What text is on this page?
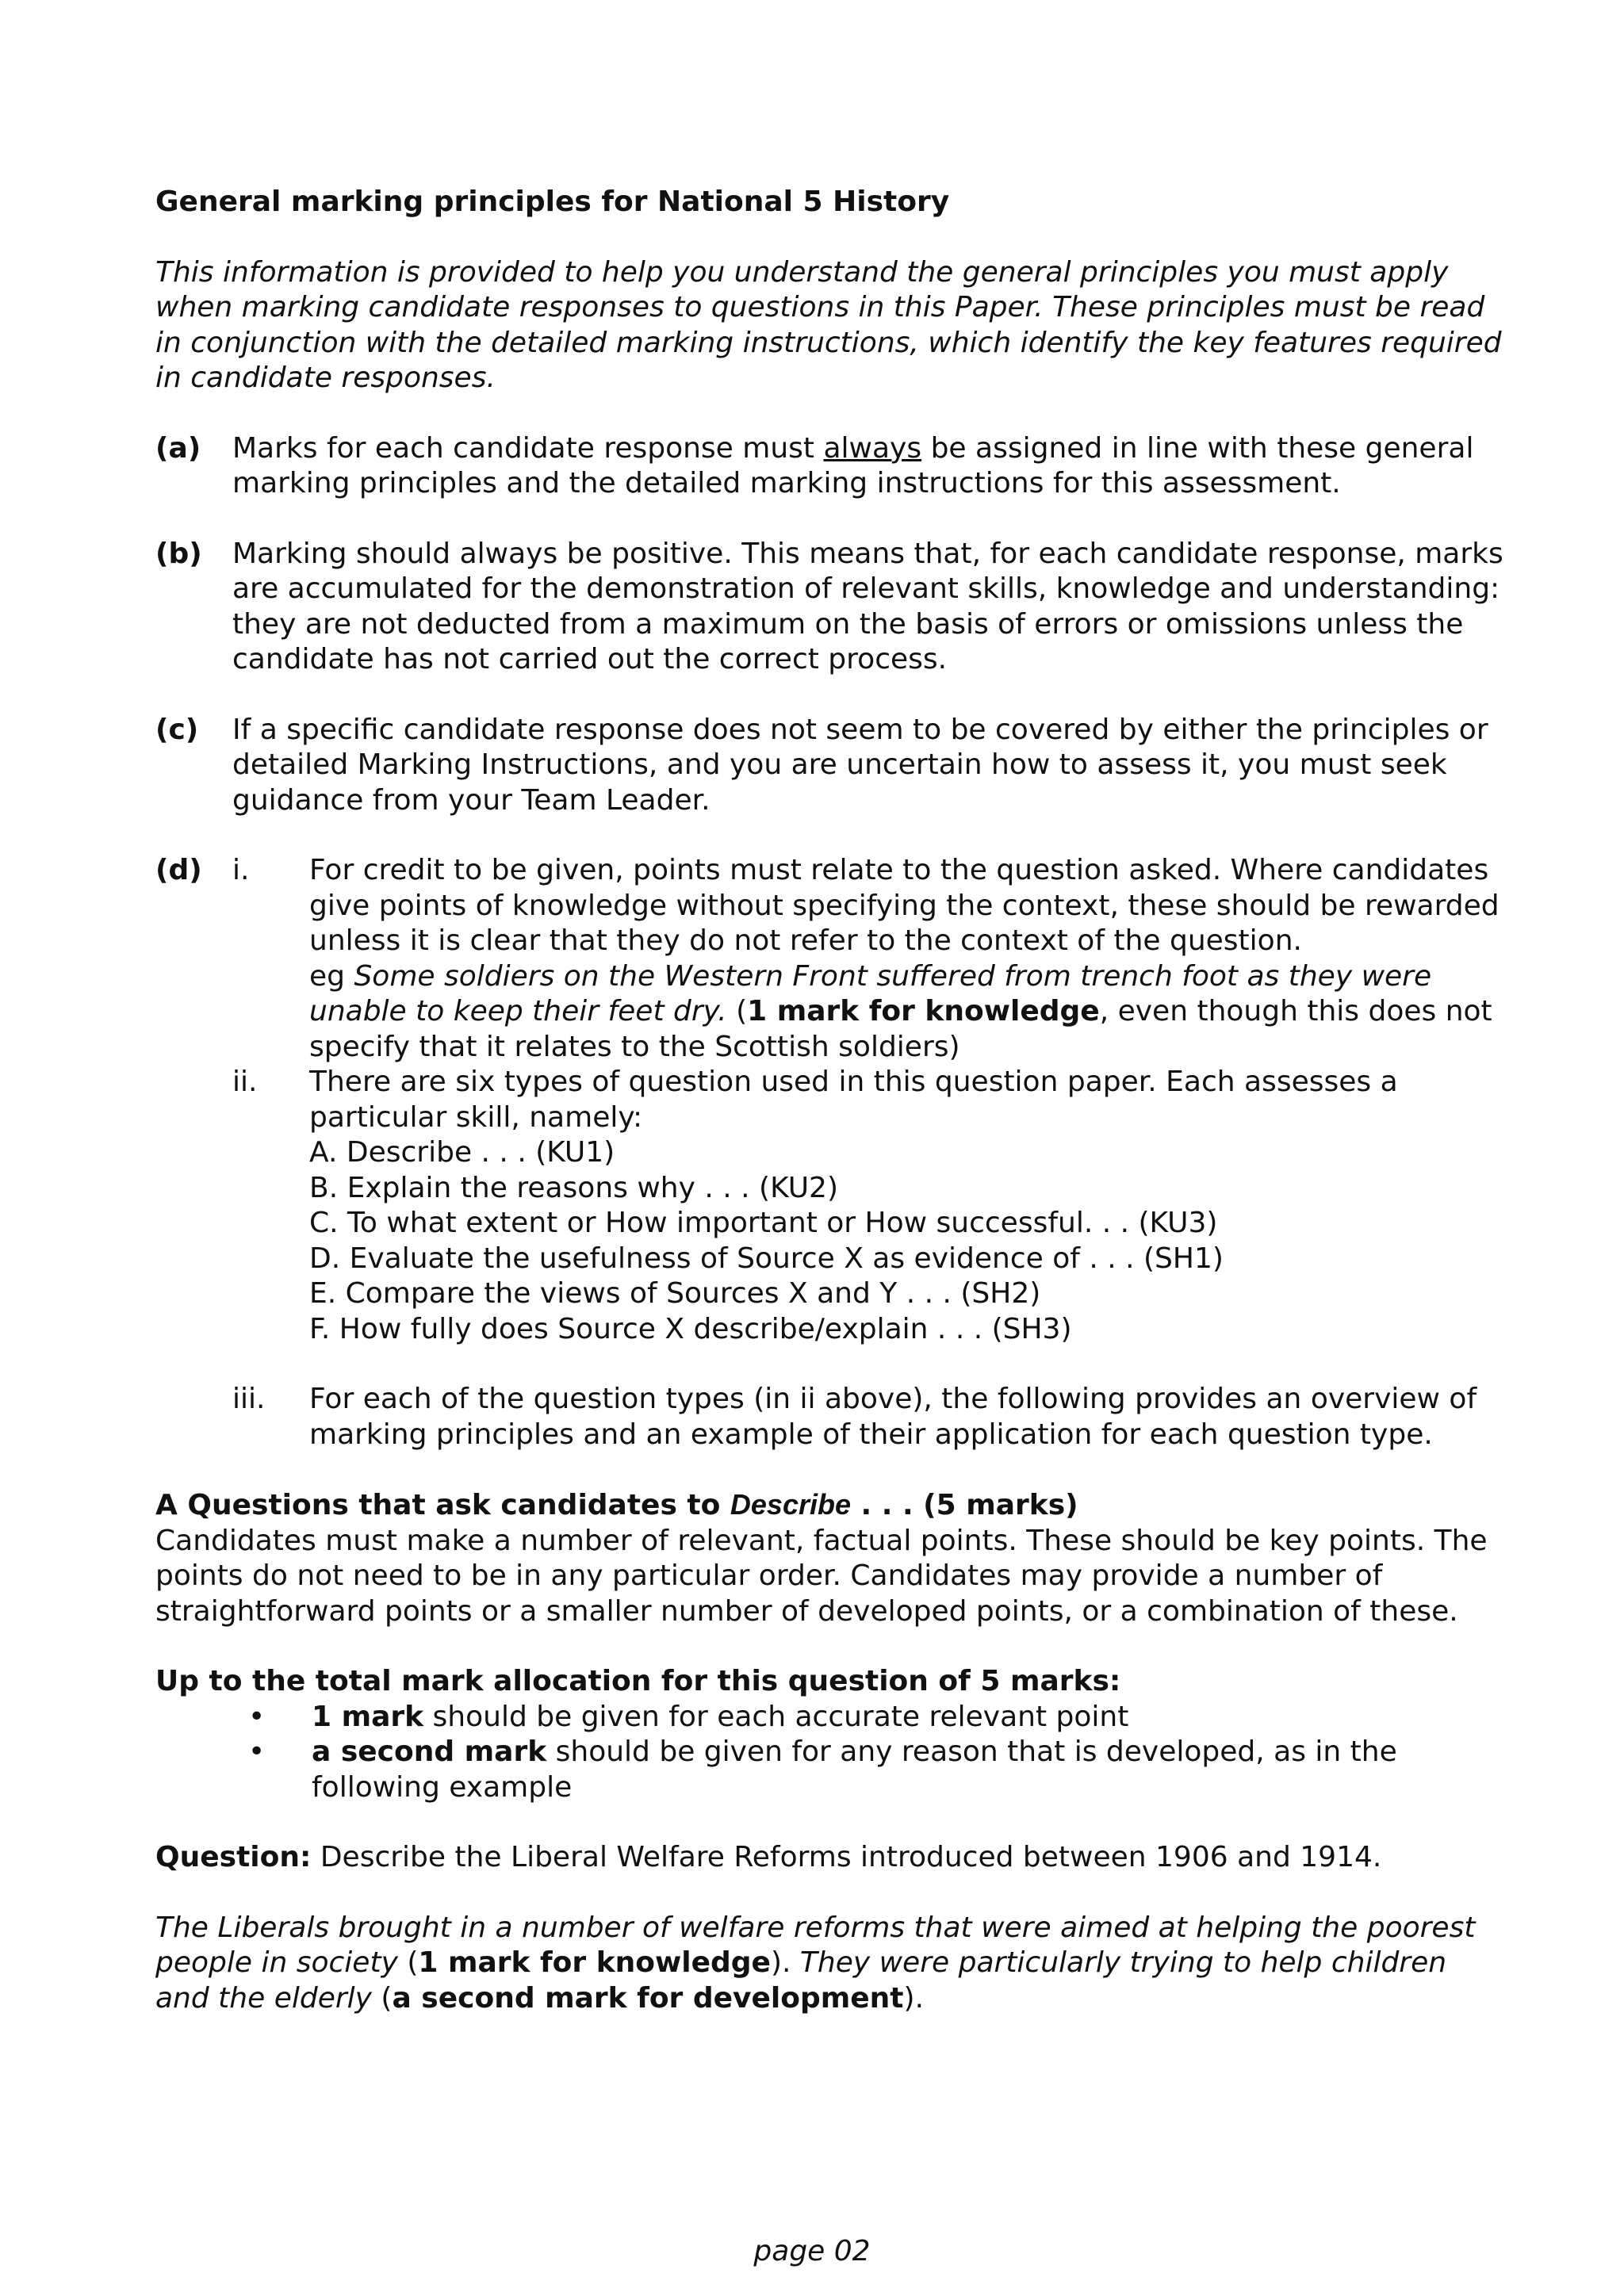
General marking principles for National 5 History

This information is provided to help you understand the general principles you must apply when marking candidate responses to questions in this Paper. These principles must be read in conjunction with the detailed marking instructions, which identify the key features required in candidate responses.

(a) Marks for each candidate response must always be assigned in line with these general marking principles and the detailed marking instructions for this assessment.
(b) Marking should always be positive. This means that, for each candidate response, marks are accumulated for the demonstration of relevant skills, knowledge and understanding: they are not deducted from a maximum on the basis of errors or omissions unless the candidate has not carried out the correct process.
(c) If a specific candidate response does not seem to be covered by either the principles or detailed Marking Instructions, and you are uncertain how to assess it, you must seek guidance from your Team Leader.
(d) i. For credit to be given, points must relate to the question asked. Where candidates give points of knowledge without specifying the context, these should be rewarded unless it is clear that they do not refer to the context of the question.

eg Some soldiers on the Western Front suffered from trench foot as they were unable to keep their feet dry. (1 mark for knowledge, even though this does not specify that it relates to the Scottish soldiers)

ii. There are six types of question used in this question paper. Each assesses a particular skill, namely:

A. Describe . . . (KU1)
B. Explain the reasons why . . . (KU2)
C. To what extent or How important or How successful. . . (KU3)
D. Evaluate the usefulness of Source X as evidence of . . . (SH1)
E. Compare the views of Sources X and Y . . . (SH2)
F. How fully does Source X describe/explain . . . (SH3)
iii. For each of the question types (in ii above), the following provides an overview of marking principles and an example of their application for each question type.

A Questions that ask candidates to Describe . . . (5 marks)

Candidates must make a number of relevant, factual points. These should be key points. The points do not need to be in any particular order. Candidates may provide a number of straightforward points or a smaller number of developed points, or a combination of these.

Up to the total mark allocation for this question of 5 marks:

• 1 mark should be given for each accurate relevant point
• a second mark should be given for any reason that is developed, as in the following example

Question: Describe the Liberal Welfare Reforms introduced between 1906 and 1914.

The Liberals brought in a number of welfare reforms that were aimed at helping the poorest people in society (1 mark for knowledge). They were particularly trying to help children and the elderly (a second mark for development).

page 02
